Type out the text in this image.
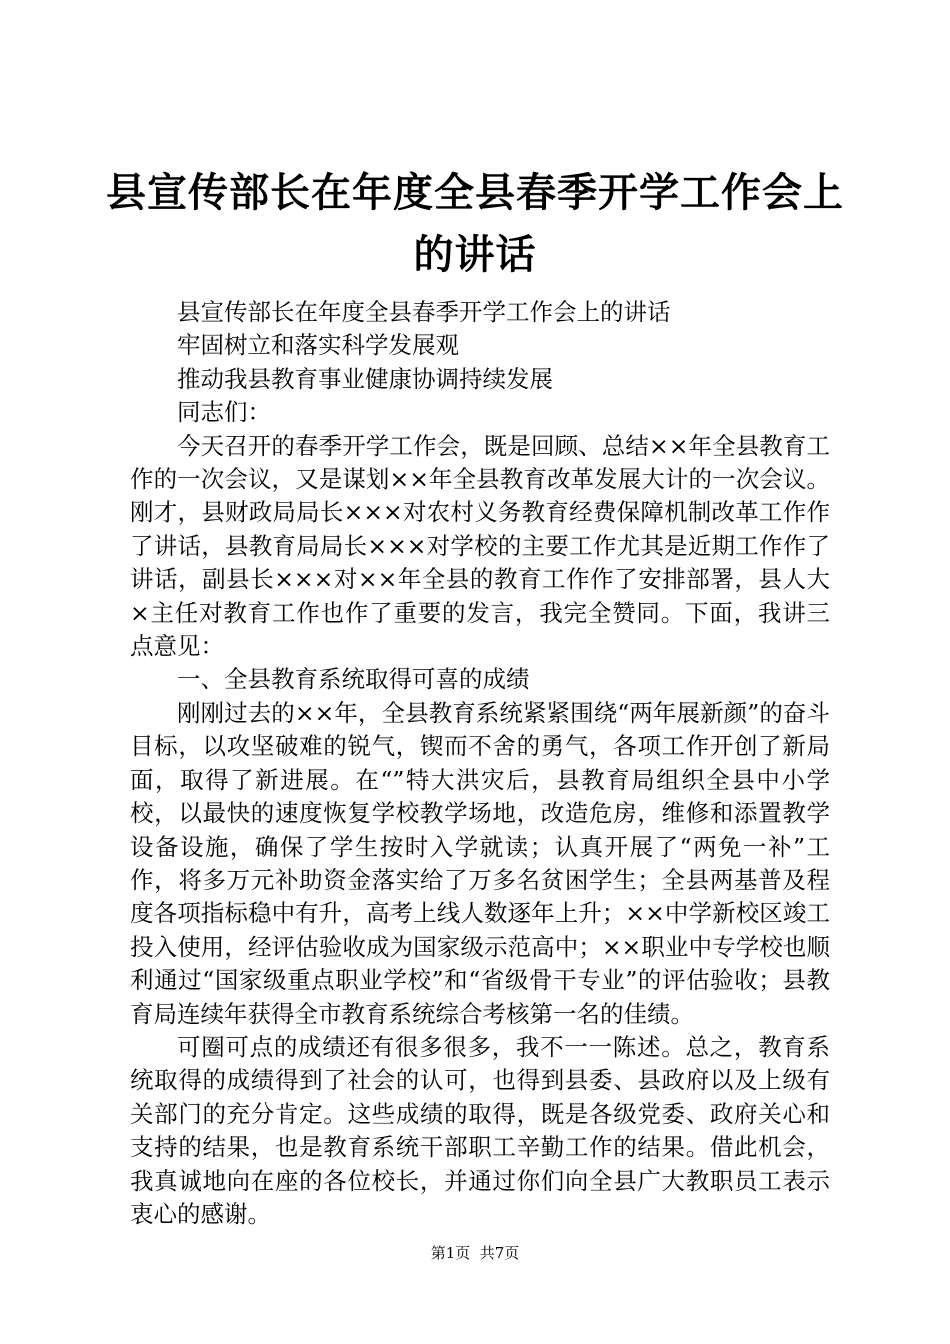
县宣传部长在年度全县春季开学工作会上的讲话

县宣传部长在年度全县春季开学工作会上的讲话

牢固树立和落实科学发展观

推动我县教育事业健康协调持续发展

同志们：

今天召开的春季开学工作会，既是回顾、总结××年全县教育工作的一次会议，又是谋划××年全县教育改革发展大计的一次会议。刚才，县财政局局长×××对农村义务教育经费保障机制改革工作作了讲话，县教育局局长×××对学校的主要工作尤其是近期工作作了讲话，副县长×××对××年全县的教育工作作了安排部署，县人大×主任对教育工作也作了重要的发言，我完全赞同。下面，我讲三点意见：

一、全县教育系统取得可喜的成绩

刚刚过去的××年，全县教育系统紧紧围绕“两年展新颜”的奋斗目标，以攻坚破难的锐气，锲而不舍的勇气，各项工作开创了新局面，取得了新进展。在“”特大洪灾后，县教育局组织全县中小学校，以最快的速度恢复学校教学场地，改造危房，维修和添置教学设备设施，确保了学生按时入学就读；认真开展了“两免一补”工作，将多万元补助资金落实给了万多名贫困学生；全县两基普及程度各项指标稳中有升，高考上线人数逐年上升；××中学新校区竣工投入使用，经评估验收成为国家级示范高中；××职业中专学校也顺利通过“国家级重点职业学校”和“省级骨干专业”的评估验收；县教育局连续年获得全市教育系统综合考核第一名的佳绩。

可圈可点的成绩还有很多很多，我不一一陈述。总之，教育系统取得的成绩得到了社会的认可，也得到县委、县政府以及上级有关部门的充分肯定。这些成绩的取得，既是各级党委、政府关心和支持的结果，也是教育系统干部职工辛勤工作的结果。借此机会，我真诚地向在座的各位校长，并通过你们向全县广大教职员工表示衷心的感谢。

第1页  共7页
